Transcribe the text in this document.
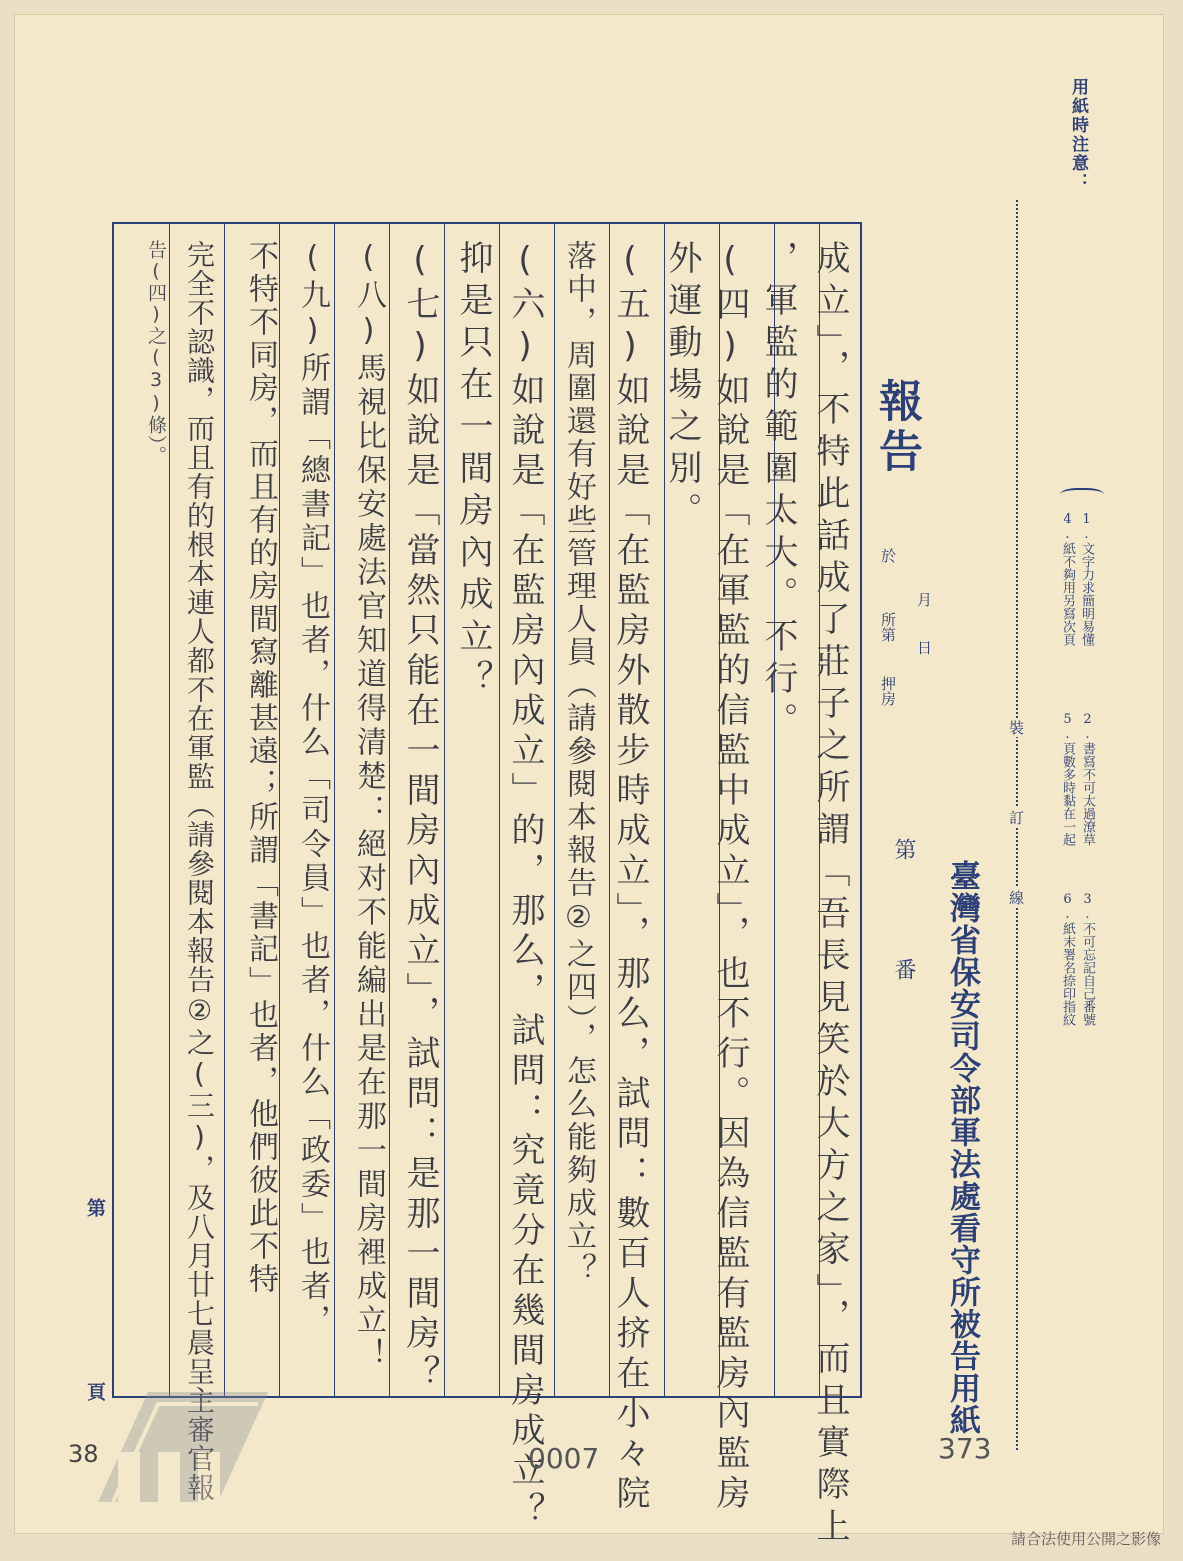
用紙時注意：
1.文字力求簡明易懂
2.書寫不可太過潦草
3.不可忘記自己番號
4.紙不夠用另寫次頁
5.頁數多時黏在一起
6.紙末署名捺印指紋
裝
訂
線
臺灣省保安司令部軍法處看守所被告用紙
報告
月
日
於
所第
押房
第
番
成立」，不特此話成了莊子之所謂「吾長見笑於大方之家」，而且實際上
，軍監的範圍太大。不行。
(四)如說是「在軍監的信監中成立」，也不行。因為信監有監房內監房
外運動場之別。
(五)如說是「在監房外散步時成立」，那么，試問：數百人挤在小々院
落中，周圍還有好些管理人員（請參閱本報告②之四），怎么能夠成立？
(六)如說是「在監房內成立」的，那么，試問：究竟分在幾間房成立？
抑是只在一間房內成立？
(七)如說是「當然只能在一間房內成立」，試問：是那一間房？
(八)馬視比保安處法官知道得清楚：絕对不能編出是在那一間房裡成立！
(九)所謂「總書記」也者，什么「司令員」也者，什么「政委」也者，
不特不同房，而且有的房間寫離甚遠；所謂「書記」也者，他們彼此不特
完全不認識，而且有的根本連人都不在軍監（請參閱本報告②之(三)，及八月廿七晨呈主審官報
告(四)之(3)條）。
第
38
頁
0007	373
請合法使用公開之影像
